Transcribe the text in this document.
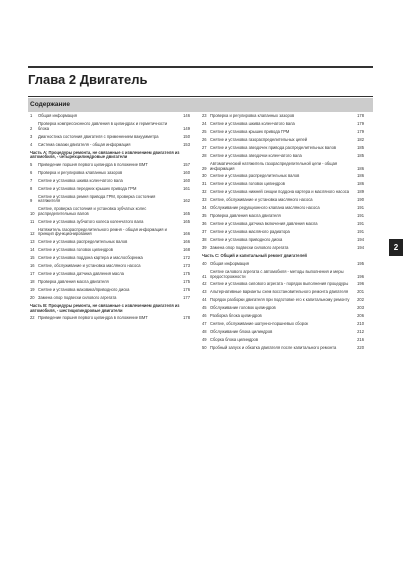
Глава 2 Двигатель
Содержание
1	Общая информация	146
2
Проверка компрессионного давления в цилиндрах и герметичности блока	149
3	Диагностика состояния двигателя с применением вакуумметра	150
4	Система смазки двигателя - общая информация	153
Часть А: Процедуры ремонта, не связанные с извлечением двигателя из автомобиля, - четырехцилиндровые двигатели
5	Приведение поршня первого цилиндра в положение ВМТ	157
6	Проверка и регулировка клапанных зазоров	160
7	Снятие и установка шкива коленчатого вала	160
8	Снятие и установка передних крышек привода ГРМ	161
9
Снятие и установка ремня привода ГРМ, проверка состояния натяжителя	162
10
Снятие, проверка состояния и установка зубчатых колес распределительных валов	165
11 Снятие и установка зубчатого колеса коленчатого вала	165
12
Натяжитель газораспределительного ремня - общая информация и принцип функционирования	166
13 Снятие и установка распределительных валов	166
14 Снятие и установка головок цилиндров	168
15 Снятие и установка поддона картера и маслосборника	172
16 Снятие, обслуживание и установка масляного насоса	173
17 Снятие и установка датчика давления масла	175
18 Проверка давления масла двигателя	175
19 Снятие и установка маховика/приводного диска	176
20 Замена опор подвески силового агрегата	177
Часть В: Процедуры ремонта, не связанные с извлечением двигателя из автомобиля, - шестицилиндровые двигатели
22 Приведение поршня первого цилиндра в положение ВМТ	178
23 Проверка и регулировка клапанных зазоров	178
24 Снятие и установка шкива коленчатого вала	179
25 Снятие и установка крышек привода ГРМ	179
26 Снятие и установка газораспределительных цепей	182
27 Снятие и установка звездочек привода распределительных валов	185
28 Снятие и установка звездочки коленчатого вала	185
29
Автоматический натяжитель газораспределительной цепи - общая информация	186
30 Снятие и установка распределительных валов	186
31 Снятие и установка головок цилиндров	186
32 Снятие и установка нижней секции поддона картера и масляного насоса	189
33 Снятие, обслуживание и установка масляного насоса	190
34 Обслуживание редукционного клапана масляного насоса	191
35 Проверка давления масла двигателя	191
36 Снятие и установка датчика включения давления масла	191
37 Снятие и установка масляного радиатора	191
38 Снятие и установка приводного диска	194
39 Замена опор подвески силового агрегата	194
Часть С: Общий и капитальный ремонт двигателей
40 Общая информация	195
41
Снятие силового агрегата с автомобиля - методы выполнения и меры предосторожности	196
42 Снятие и установка силового агрегата - порядок выполнения процедуры	196
43 Альтернативные варианты схем восстановительного ремонта двигателя	201
44 Порядок разборки двигателя при подготовке его к капитальному ремонту	202
45 Обслуживание головок цилиндров	203
46 Разборка блока цилиндров	206
47 Снятие, обслуживание шатунно-поршневых сборок	210
48 Обслуживание блока цилиндров	212
49 Сборка блока цилиндров	216
50 Пробный запуск и обкатка двигателя после капитального ремонта	220
2
